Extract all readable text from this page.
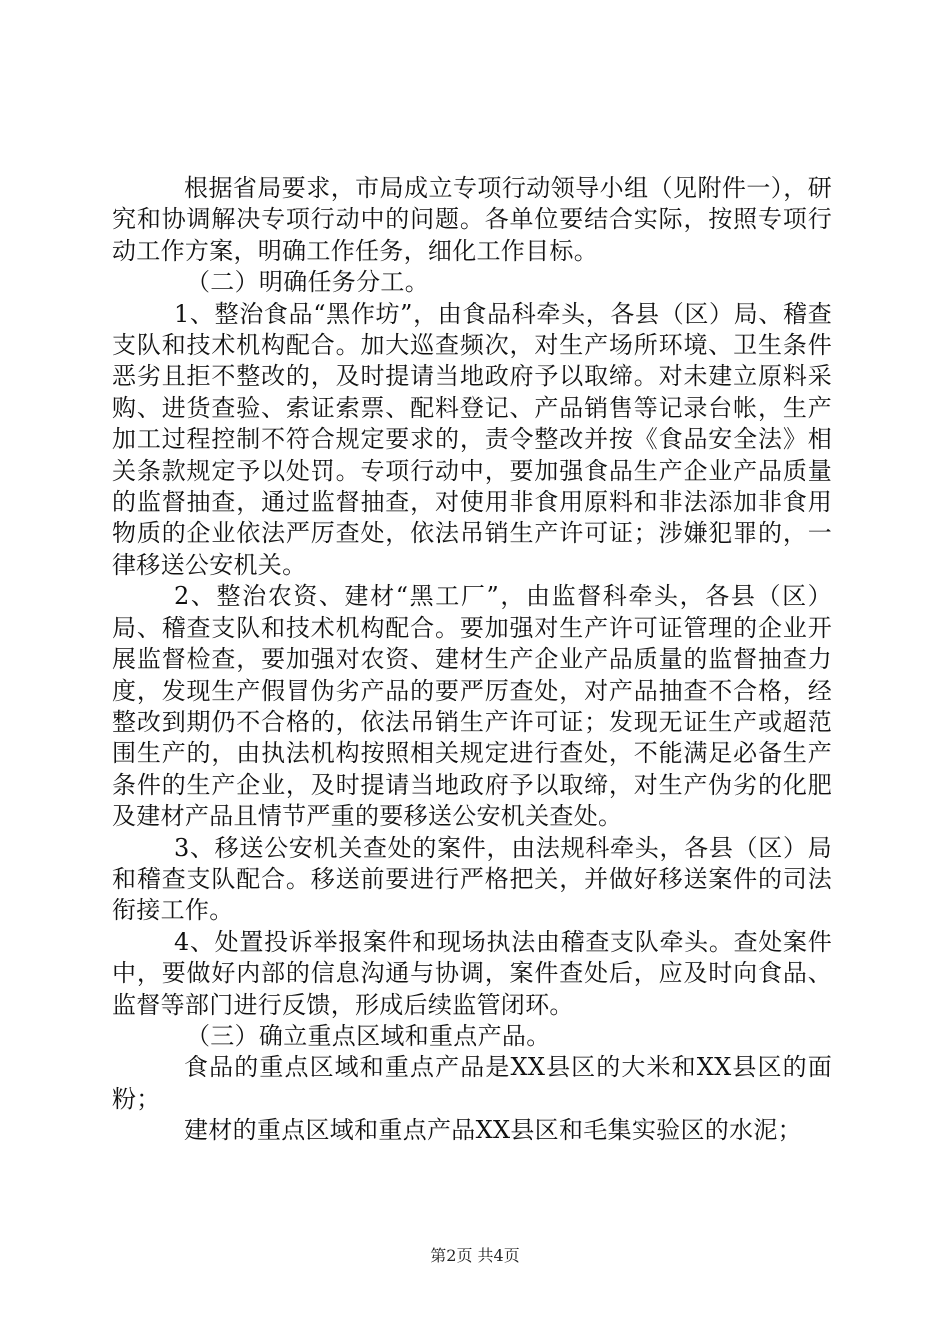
根据省局要求，市局成立专项行动领导小组（见附件一），研究和协调解决专项行动中的问题。各单位要结合实际，按照专项行动工作方案，明确工作任务，细化工作目标。

（二）明确任务分工。

1、整治食品“黑作坊”，由食品科牵头，各县（区）局、稽查支队和技术机构配合。加大巡查频次，对生产场所环境、卫生条件恶劣且拒不整改的，及时提请当地政府予以取缔。对未建立原料采购、进货查验、索证索票、配料登记、产品销售等记录台帐，生产加工过程控制不符合规定要求的，责令整改并按《食品安全法》相关条款规定予以处罚。专项行动中，要加强食品生产企业产品质量的监督抽查，通过监督抽查，对使用非食用原料和非法添加非食用物质的企业依法严厉查处，依法吊销生产许可证；涉嫌犯罪的，一律移送公安机关。

2、整治农资、建材“黑工厂”，由监督科牵头，各县（区）局、稽查支队和技术机构配合。要加强对生产许可证管理的企业开展监督检查，要加强对农资、建材生产企业产品质量的监督抽查力度，发现生产假冒伪劣产品的要严厉查处，对产品抽查不合格，经整改到期仍不合格的，依法吊销生产许可证；发现无证生产或超范围生产的，由执法机构按照相关规定进行查处，不能满足必备生产条件的生产企业，及时提请当地政府予以取缔，对生产伪劣的化肥及建材产品且情节严重的要移送公安机关查处。

3、移送公安机关查处的案件，由法规科牵头，各县（区）局和稽查支队配合。移送前要进行严格把关，并做好移送案件的司法衔接工作。

4、处置投诉举报案件和现场执法由稽查支队牵头。查处案件中，要做好内部的信息沟通与协调，案件查处后，应及时向食品、监督等部门进行反馈，形成后续监管闭环。

（三）确立重点区域和重点产品。

食品的重点区域和重点产品是XX县区的大米和XX县区的面粉；

建材的重点区域和重点产品XX县区和毛集实验区的水泥；

第2页 共4页
